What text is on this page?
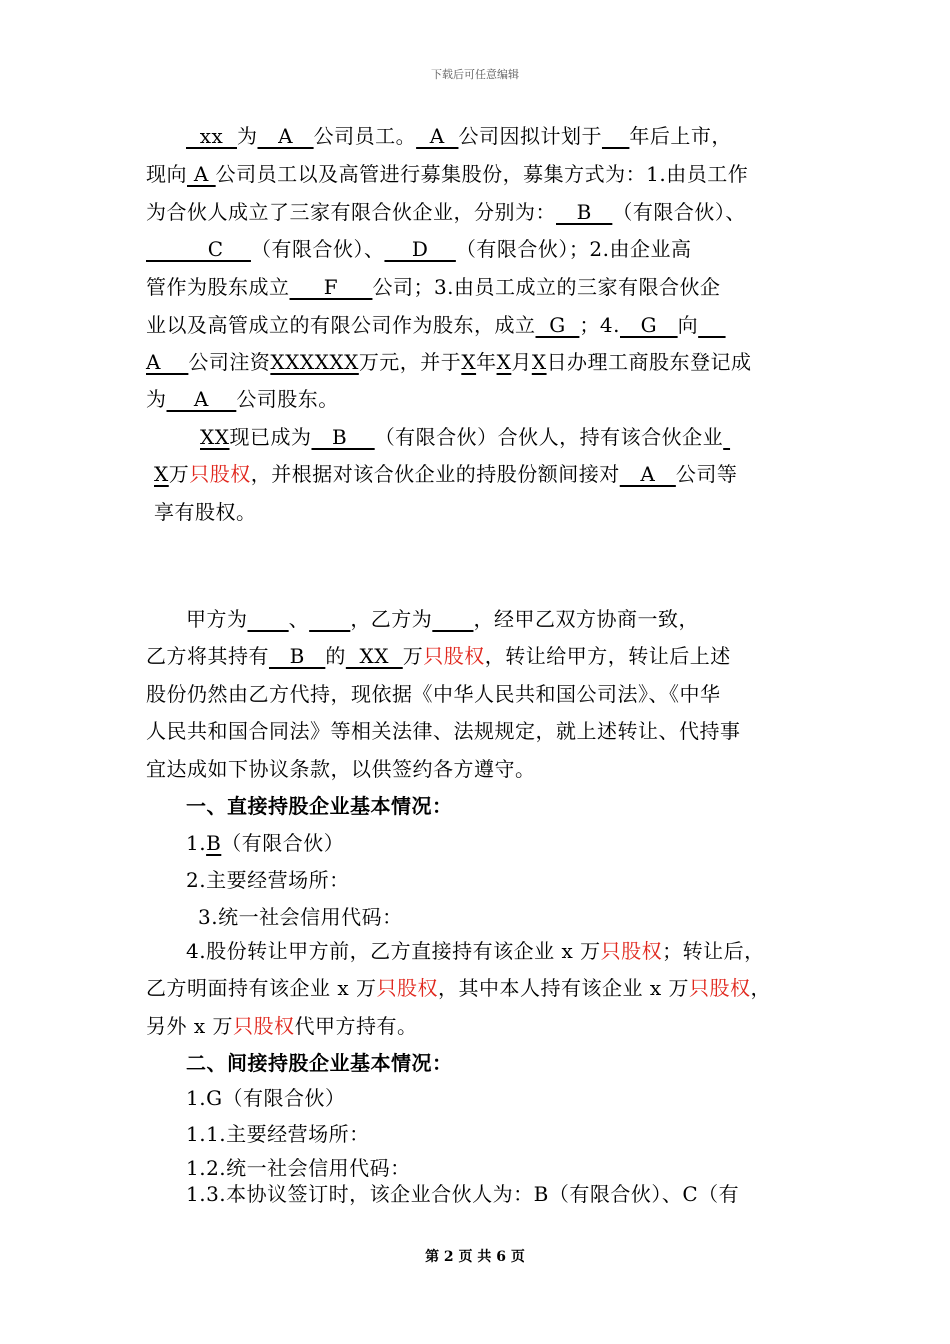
下载后可任意编辑
xx  为   A   公司员工。  A  公司因拟计划于 年后上市，
现向 A 公司员工以及高管进行募集股份，募集方式为：1.由员工作
为合伙人成立了三家有限合伙企业，分别为：   B   （有限合伙）、
C    （有限合伙）、    D    （有限合伙）；2.由企业高
管作为股东成立     F     公司；3.由员工成立的三家有限合伙企
业以及高管成立的有限公司作为股东，成立  G  ；4.   G   向
A    公司注资XXXXXX万元，并于X年X月X日办理工商股东登记成
为    A    公司股东。
XX现已成为   B    （有限合伙）合伙人，持有该合伙企业
X万只股权，并根据对该合伙企业的持股份额间接对   A   公司等
享有股权。
甲方为 、 ，乙方为 ，经甲乙双方协商一致，
乙方将其持有   B   的  XX  万只股权，转让给甲方，转让后上述
股份仍然由乙方代持，现依据《中华人民共和国公司法》、《中华
人民共和国合同法》等相关法律、法规规定，就上述转让、代持事
宜达成如下协议条款，以供签约各方遵守。
一、直接持股企业基本情况：
1.B（有限合伙）
2.主要经营场所：
3.统一社会信用代码：
4.股份转让甲方前，乙方直接持有该企业 x 万只股权；转让后，
乙方明面持有该企业 x 万只股权，其中本人持有该企业 x 万只股权，
另外 x 万只股权代甲方持有。
二、间接持股企业基本情况：
1.G（有限合伙）
1.1.主要经营场所：
1.2.统一社会信用代码：
1.3.本协议签订时，该企业合伙人为：B（有限合伙）、C（有
第 2 页 共 6 页
